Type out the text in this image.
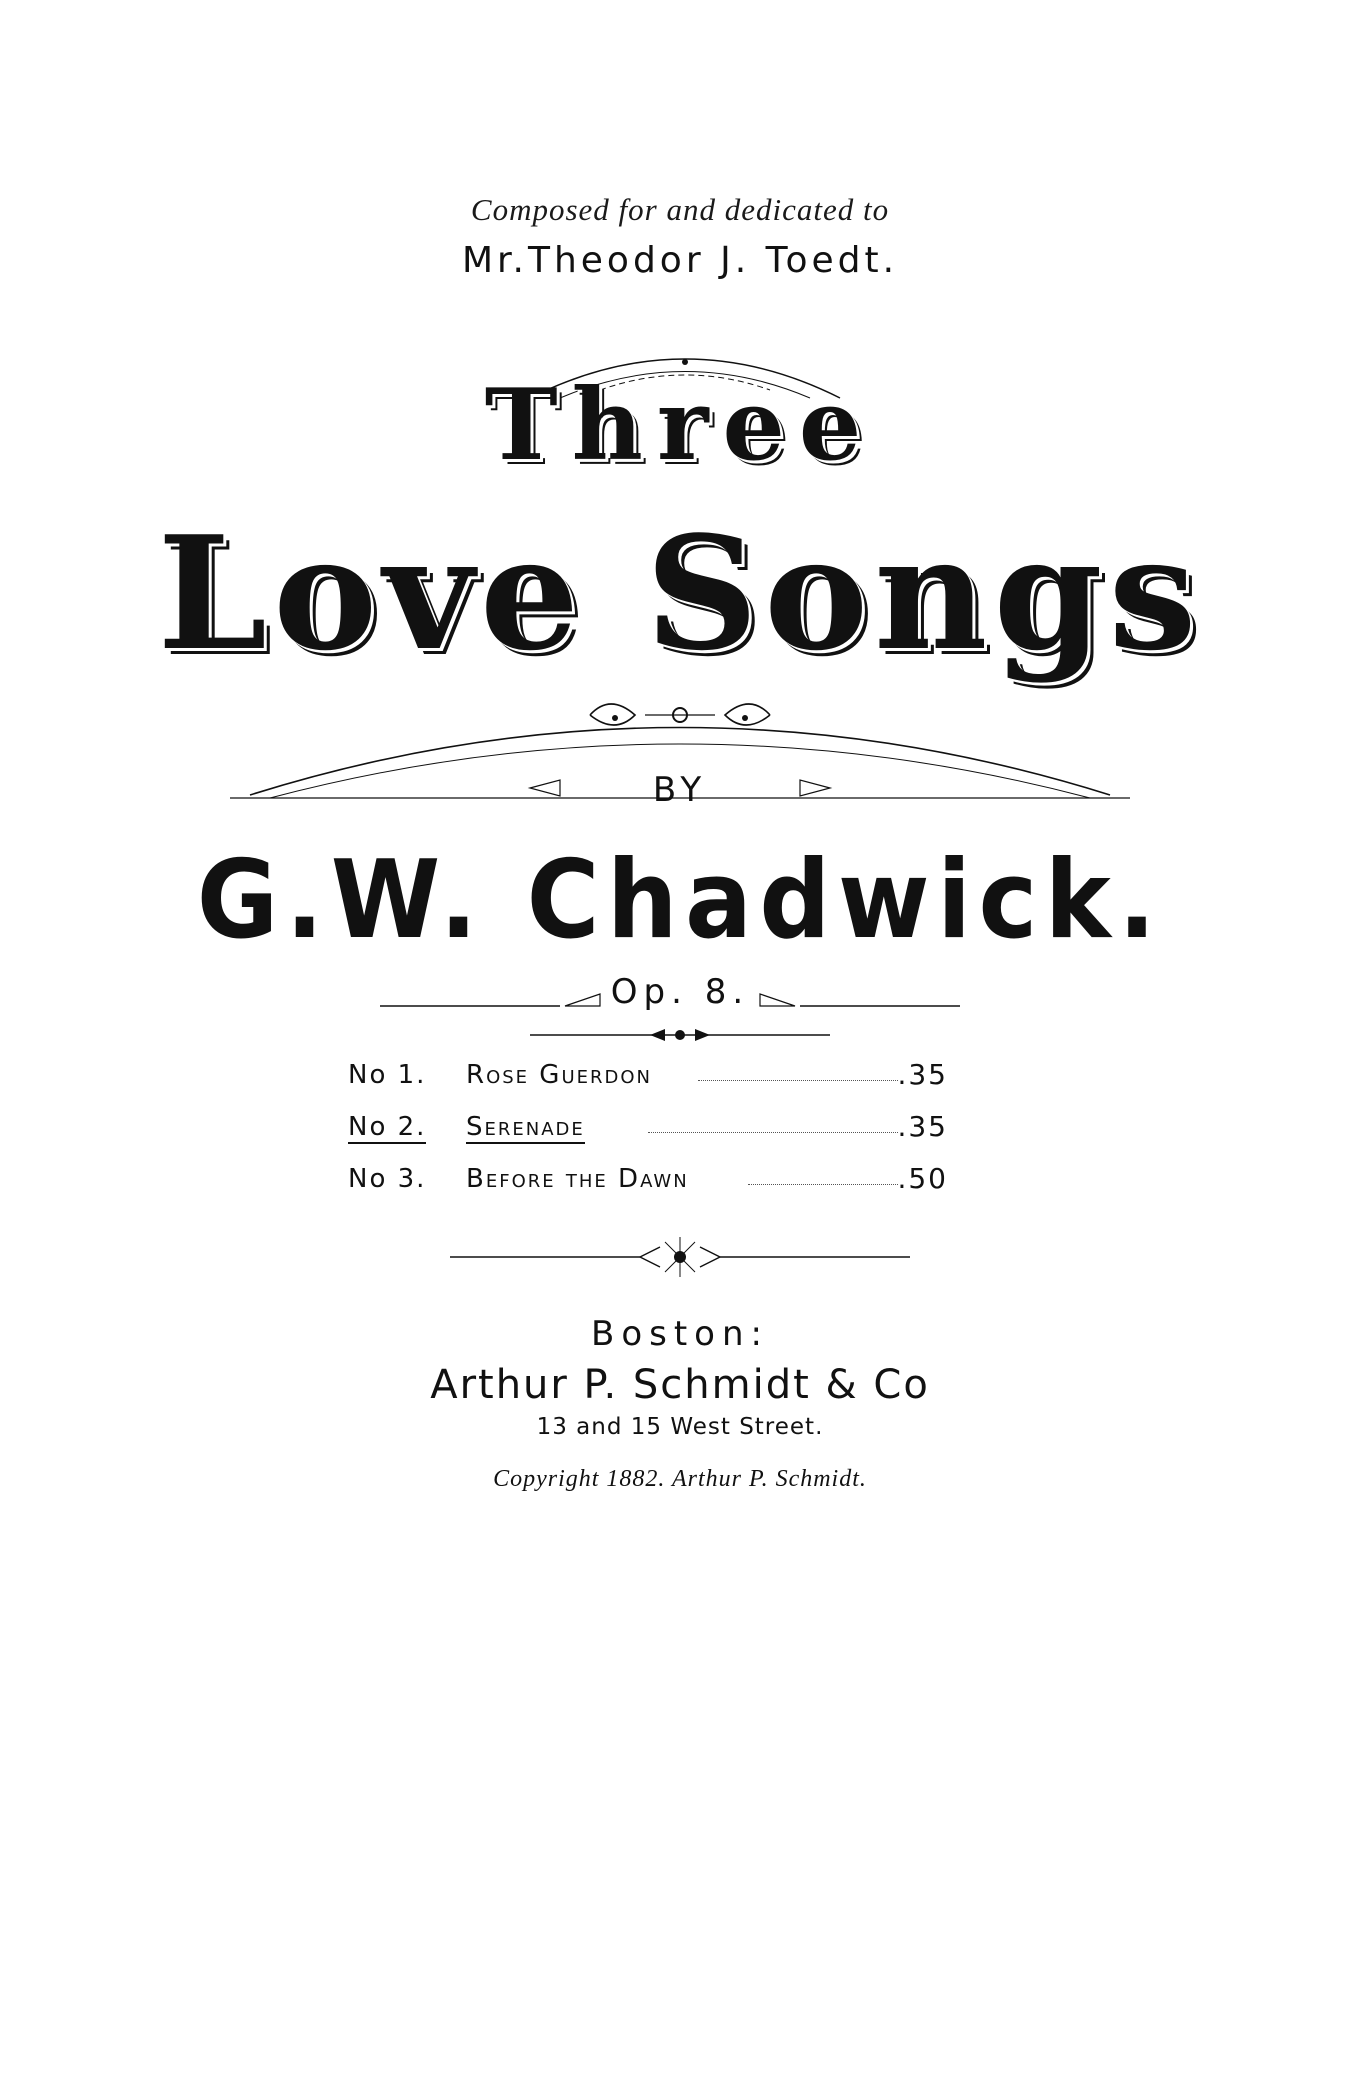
Composed for and dedicated to
Mr.Theodor J. Toedt.
Three
Love Songs
BY
G.W. Chadwick.
Op. 8.
No 1. Rose Guerdon	.35
No 2. Serenade	.35
No 3. Before the Dawn	.50
Boston:
Arthur P. Schmidt & Co
13 and 15 West Street.
Copyright 1882. Arthur P. Schmidt.
